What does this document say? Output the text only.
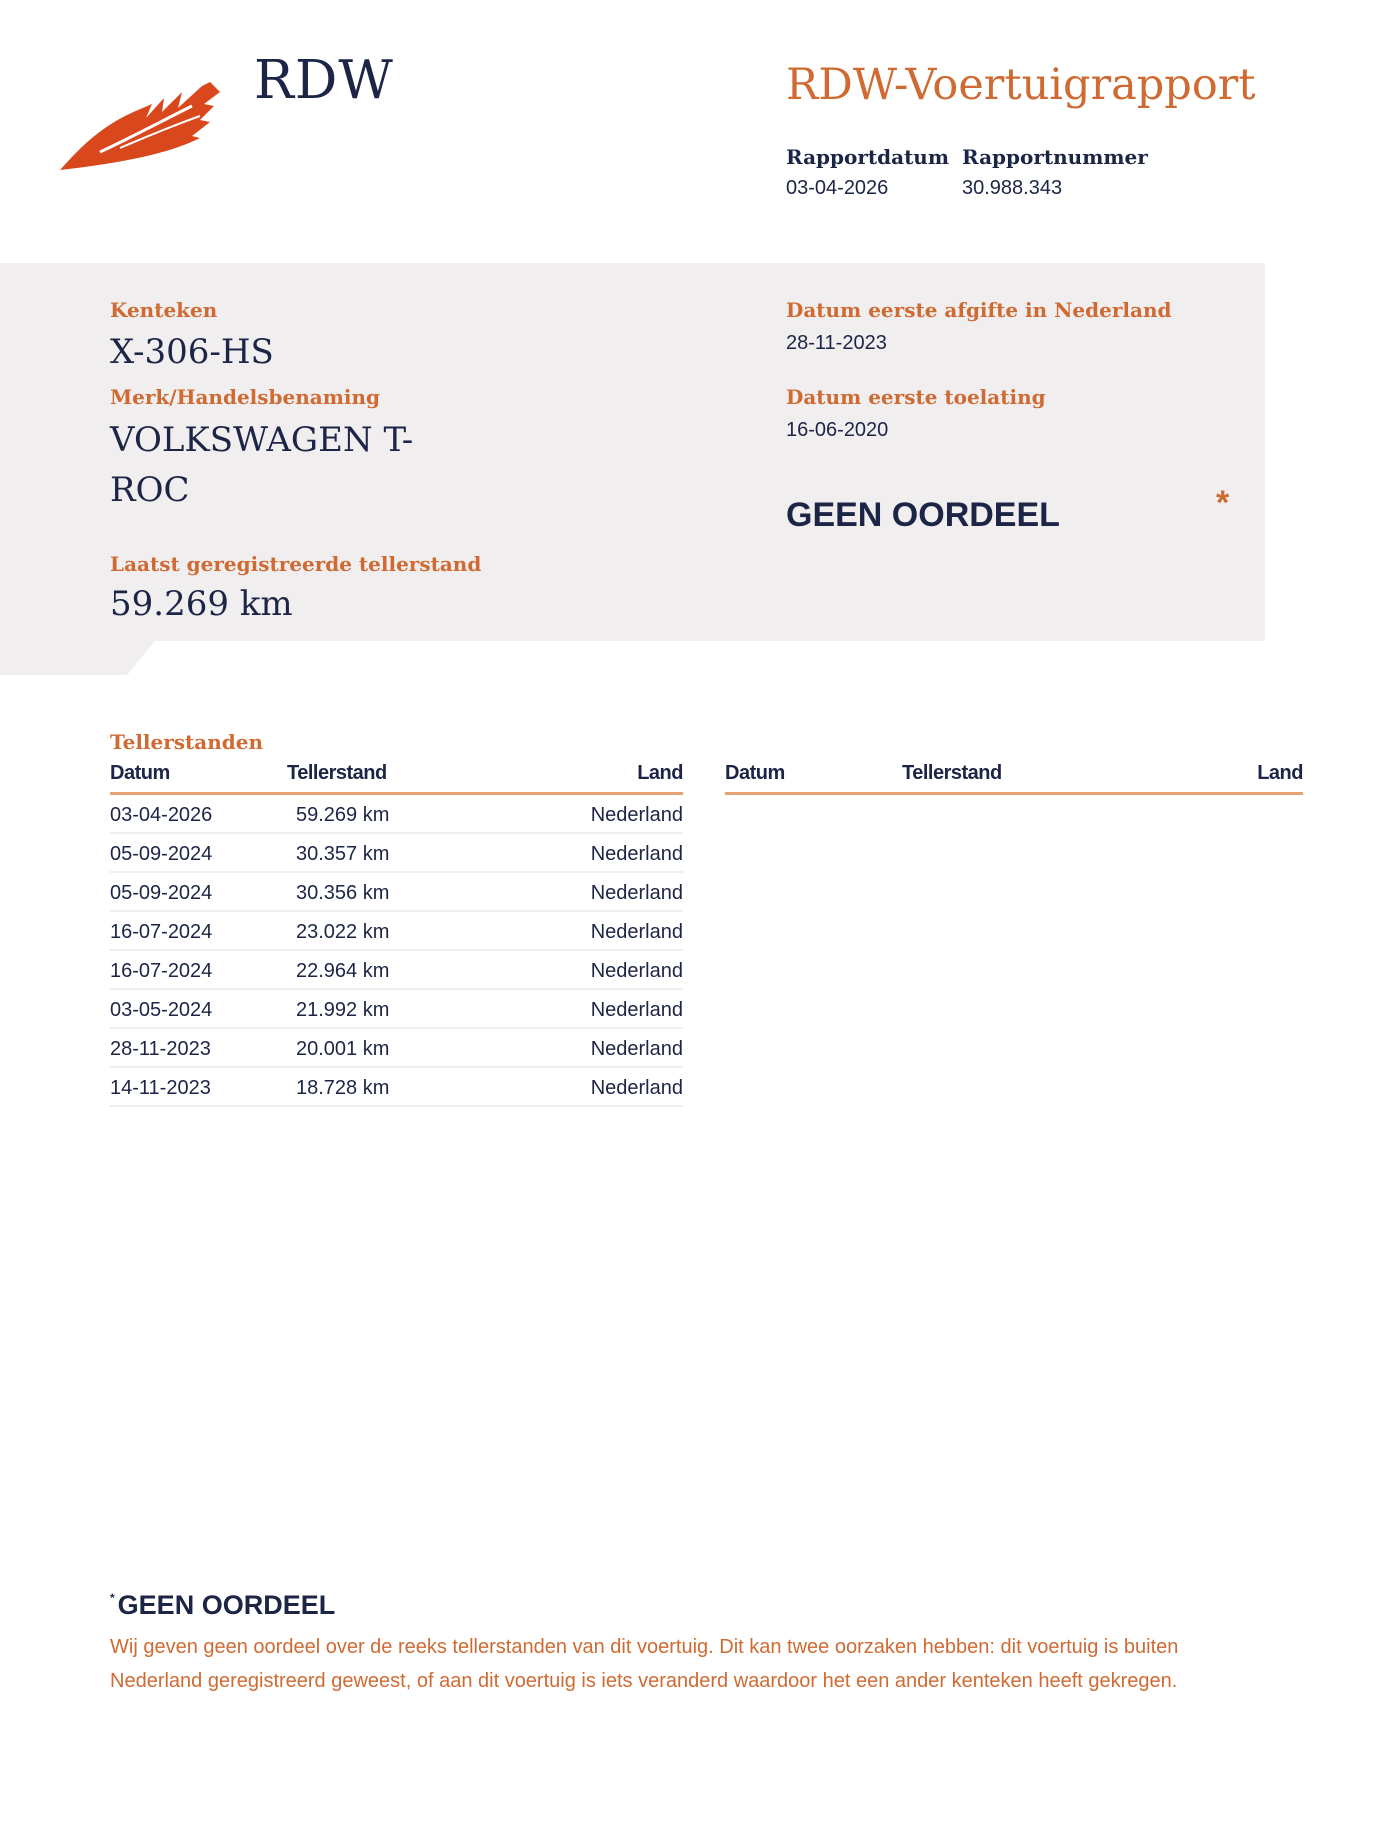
RDW	RDW-Voertuigrapport
Rapportdatum
03-04-2026
Rapportnummer
30.988.343
Kenteken
X-306-HS
Merk/Handelsbenaming
VOLKSWAGEN T-
ROC
Laatst geregistreerde tellerstand
59.269 km
Datum eerste afgifte in Nederland
28-11-2023
Datum eerste toelating
16-06-2020
GEEN OORDEEL	*
Tellerstanden
Datum	Tellerstand	Land
03-04-2026	59.269 km	Nederland
05-09-2024	30.357 km	Nederland
05-09-2024	30.356 km	Nederland
16-07-2024	23.022 km	Nederland
16-07-2024	22.964 km	Nederland
03-05-2024	21.992 km	Nederland
28-11-2023	20.001 km	Nederland
14-11-2023	18.728 km	Nederland
Datum	Tellerstand	Land
* GEEN OORDEEL
Wij geven geen oordeel over de reeks tellerstanden van dit voertuig. Dit kan twee oorzaken hebben: dit voertuig is buiten Nederland geregistreerd geweest, of aan dit voertuig is iets veranderd waardoor het een ander kenteken heeft gekregen.
